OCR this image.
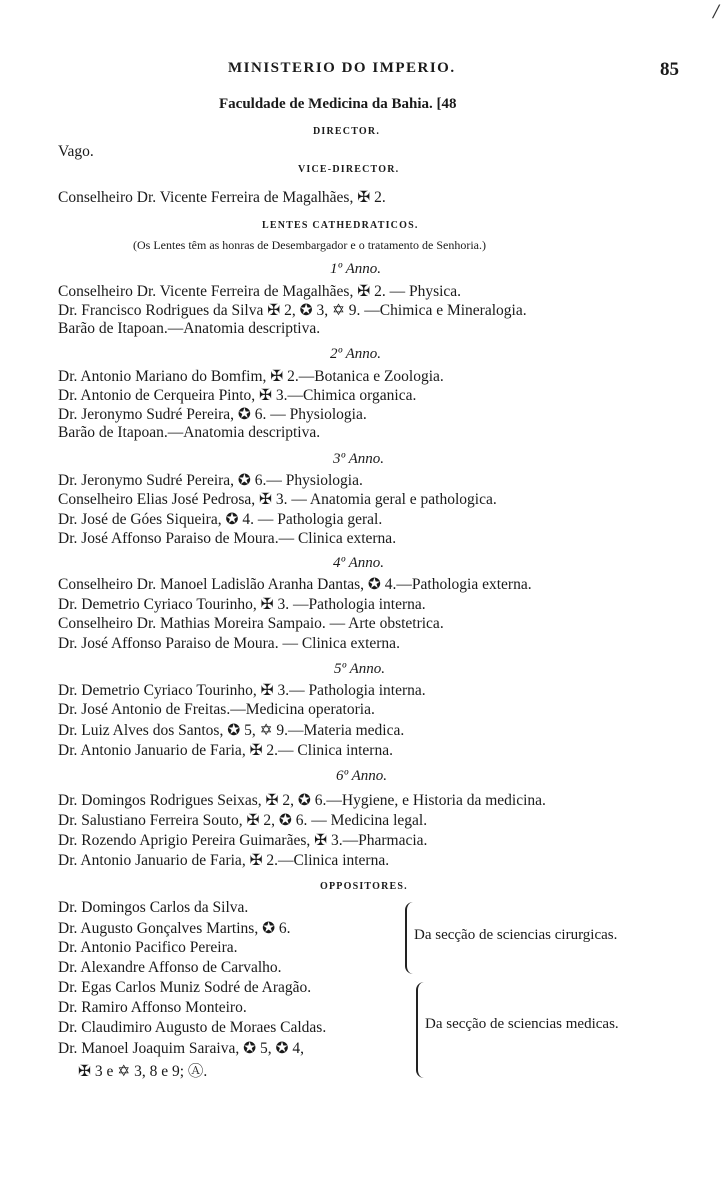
/
MINISTERIO DO IMPERIO.	85
Faculdade de Medicina da Bahia. [48
DIRECTOR.
Vago.
VICE-DIRECTOR.
Conselheiro Dr. Vicente Ferreira de Magalhães, ✠ 2.
LENTES CATHEDRATICOS.
(Os Lentes têm as honras de Desembargador e o tratamento de Senhoria.)
1º Anno.
Conselheiro Dr. Vicente Ferreira de Magalhães, ✠ 2. — Physica.
Dr. Francisco Rodrigues da Silva ✠ 2, ✪ 3, ✡ 9. —Chimica e Mineralogia.
Barão de Itapoan.—Anatomia descriptiva.
2º Anno.
Dr. Antonio Mariano do Bomfim, ✠ 2.—Botanica e Zoologia.
Dr. Antonio de Cerqueira Pinto, ✠ 3.—Chimica organica.
Dr. Jeronymo Sudré Pereira, ✪ 6. — Physiologia.
Barão de Itapoan.—Anatomia descriptiva.
3º Anno.
Dr. Jeronymo Sudré Pereira, ✪ 6.— Physiologia.
Conselheiro Elias José Pedrosa, ✠ 3. — Anatomia geral e pathologica.
Dr. José de Góes Siqueira, ✪ 4. — Pathologia geral.
Dr. José Affonso Paraiso de Moura.— Clinica externa.
4º Anno.
Conselheiro Dr. Manoel Ladislão Aranha Dantas, ✪ 4.—Pathologia externa.
Dr. Demetrio Cyriaco Tourinho, ✠ 3. —Pathologia interna.
Conselheiro Dr. Mathias Moreira Sampaio. — Arte obstetrica.
Dr. José Affonso Paraiso de Moura. — Clinica externa.
5º Anno.
Dr. Demetrio Cyriaco Tourinho, ✠ 3.— Pathologia interna.
Dr. José Antonio de Freitas.—Medicina operatoria.
Dr. Luiz Alves dos Santos, ✪ 5, ✡ 9.—Materia medica.
Dr. Antonio Januario de Faria, ✠ 2.— Clinica interna.
6º Anno.
Dr. Domingos Rodrigues Seixas, ✠ 2, ✪ 6.—Hygiene, e Historia da medicina.
Dr. Salustiano Ferreira Souto, ✠ 2, ✪ 6. — Medicina legal.
Dr. Rozendo Aprigio Pereira Guimarães, ✠ 3.—Pharmacia.
Dr. Antonio Januario de Faria, ✠ 2.—Clinica interna.
OPPOSITORES.
Dr. Domingos Carlos da Silva.
Dr. Augusto Gonçalves Martins, ✪ 6.
Dr. Antonio Pacifico Pereira.
Dr. Alexandre Affonso de Carvalho.
Da secção de sciencias cirurgicas.
Dr. Egas Carlos Muniz Sodré de Aragão.
Dr. Ramiro Affonso Monteiro.
Dr. Claudimiro Augusto de Moraes Caldas.
Dr. Manoel Joaquim Saraiva, ✪ 5, ✪ 4,
✠ 3 e ✡ 3, 8 e 9; Ⓐ.
Da secção de sciencias medicas.
